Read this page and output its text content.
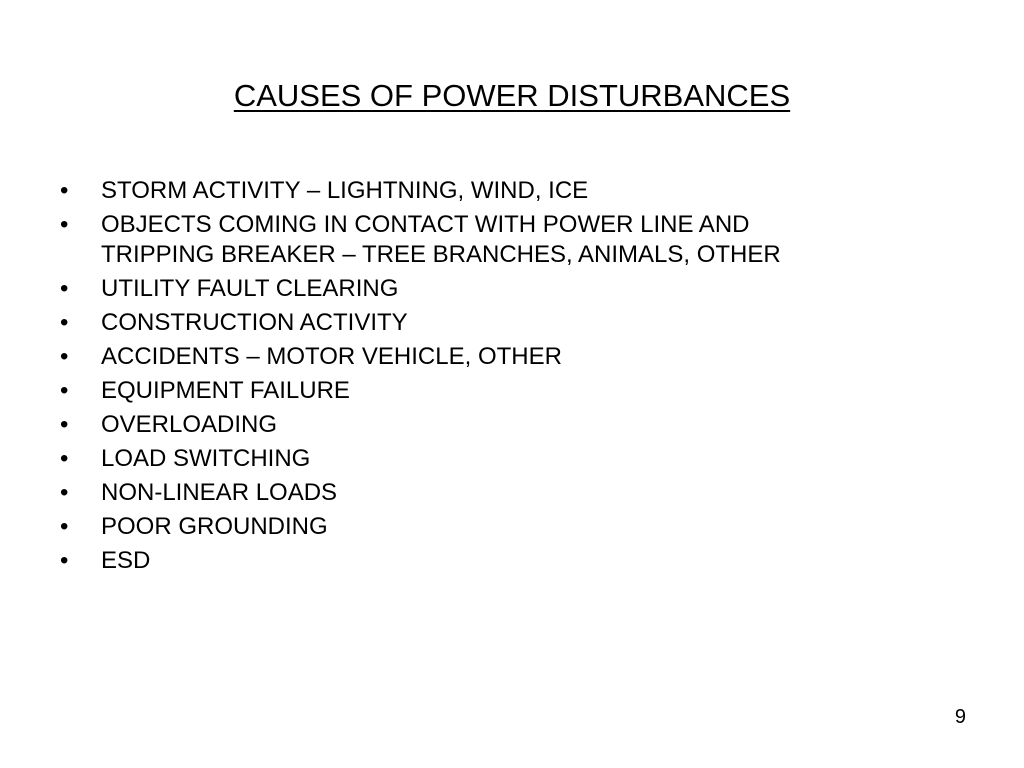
CAUSES OF POWER DISTURBANCES
•	STORM ACTIVITY – LIGHTNING, WIND, ICE
•	OBJECTS COMING IN CONTACT WITH POWER LINE AND
TRIPPING BREAKER – TREE BRANCHES, ANIMALS, OTHER
•	UTILITY FAULT CLEARING
•	CONSTRUCTION ACTIVITY
•	ACCIDENTS – MOTOR VEHICLE, OTHER
•	EQUIPMENT FAILURE
•	OVERLOADING
•	LOAD SWITCHING
•	NON-LINEAR LOADS
•	POOR GROUNDING
•	ESD
9
